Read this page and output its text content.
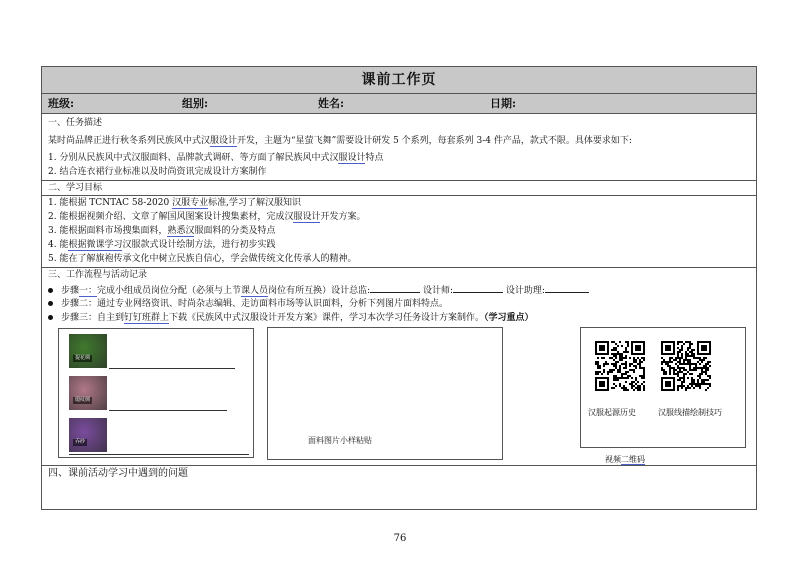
课前工作页
班级:	组别:	姓名:	日期:
一、任务描述
某时尚品牌正进行秋冬系列民族风中式汉服设计开发，主题为“星萤飞舞”需要设计研发 5 个系列，每套系列 3-4 件产品，款式不限。具体要求如下:
1. 分别从民族风中式汉服面料、品牌款式调研、等方面了解民族风中式汉服设计特点
2. 结合连衣裙行业标准以及时尚资讯完成设计方案制作
二、学习目标
1. 能根据 TCNTAC 58-2020 汉服专业标准,学习了解汉服知识
2. 能根据视频介绍、文章了解国风图案设计搜集素材，完成汉服设计开发方案。
3. 能根据面料市场搜集面料，熟悉汉服面料的分类及特点
4. 能根据微课学习汉服款式设计绘制方法，进行初步实践
5. 能在了解旗袍传承文化中树立民族自信心，学会做传统文化传承人的精神。
三、工作流程与活动记录
步骤一：完成小组成员岗位分配（必须与上节课人员岗位有所互换）设计总监:	设计师:	设计助理:
步骤二：通过专业网络资讯、时尚杂志编辑、走访面料市场等认识面料，分析下列图片面料特点。
步骤三：自主到钉钉班群上下载《民族风中式汉服设计开发方案》课件，学习本次学习任务设计方案制作。（学习重点）
提花绸
缎纹绸
乔纱	面料图片小样粘贴
汉服起源历史	汉服线描绘制技巧
视频二维码
四、课前活动学习中遇到的问题
76
